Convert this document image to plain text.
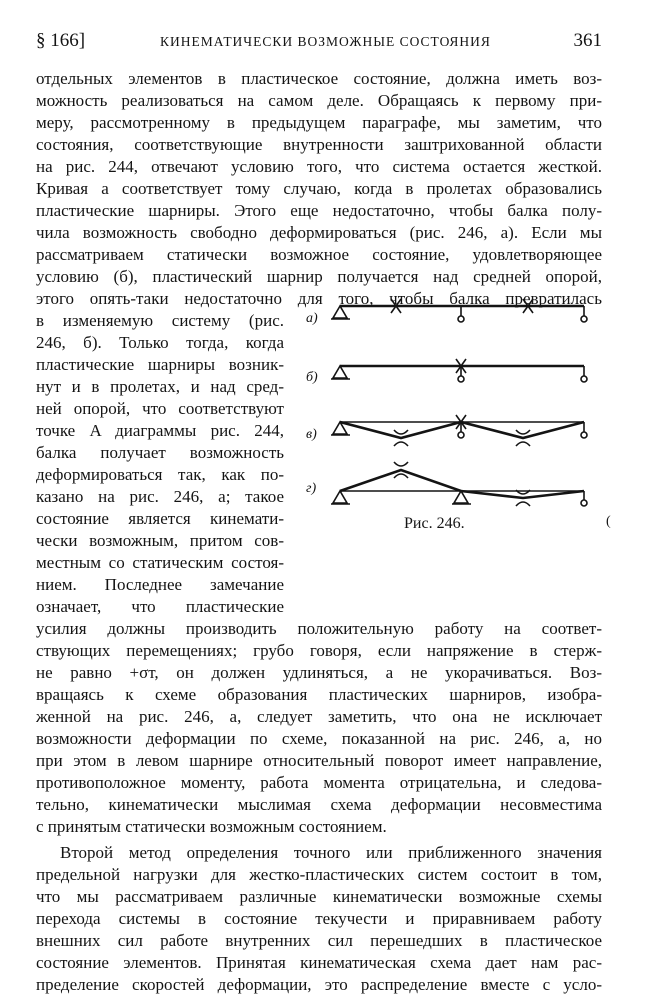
§ 166]	КИНЕМАТИЧЕСКИ ВОЗМОЖНЫЕ СОСТОЯНИЯ	361
отдельных элементов в пластическое состояние, должна иметь воз-
можность реализоваться на самом деле. Обращаясь к первому при-
меру, рассмотренному в предыдущем параграфе, мы заметим, что
состояния, соответствующие внутренности заштрихованной области
на рис. 244, отвечают условию того, что система остается жесткой.
Кривая a соответствует тому случаю, когда в пролетах образовались
пластические шарниры. Этого еще недостаточно, чтобы балка полу-
чила возможность свободно деформироваться (рис. 246, a). Если мы
рассматриваем статически возможное состояние, удовлетворяющее
условию (б), пластический шарнир получается над средней опорой,
этого опять-таки недостаточно для того, чтобы балка превратилась
в изменяемую систему (рис.
246, б). Только тогда, когда
пластические шарниры возник-
нут и в пролетах, и над сред-
ней опорой, что соответствуют
точке A диаграммы рис. 244,
балка получает возможность
деформироваться так, как по-
казано на рис. 246, a; такое
состояние является кинемати-
чески возможным, притом сов-
местным со статическим состоя-
нием. Последнее замечание
означает, что пластические
усилия должны производить положительную работу на соответ-
ствующих перемещениях; грубо говоря, если напряжение в стерж-
не равно +σт, он должен удлиняться, а не укорачиваться. Воз-
вращаясь к схеме образования пластических шарниров, изобра-
женной на рис. 246, a, следует заметить, что она не исключает
возможности деформации по схеме, показанной на рис. 246, a, но
при этом в левом шарнире относительный поворот имеет направление,
противоположное моменту, работа момента отрицательна, и следова-
тельно, кинематически мыслимая схема деформации несовместима
с принятым статически возможным состоянием.
Второй метод определения точного или приближенного значения
предельной нагрузки для жестко-пластических систем состоит в том,
что мы рассматриваем различные кинематически возможные схемы
перехода системы в состояние текучести и приравниваем работу
внешних сил работе внутренних сил перешедших в пластическое
состояние элементов. Принятая кинематическая схема дает нам рас-
пределение скоростей деформации, это распределение вместе с усло-
а)
б)
в)
г)
Рис. 246.	(
